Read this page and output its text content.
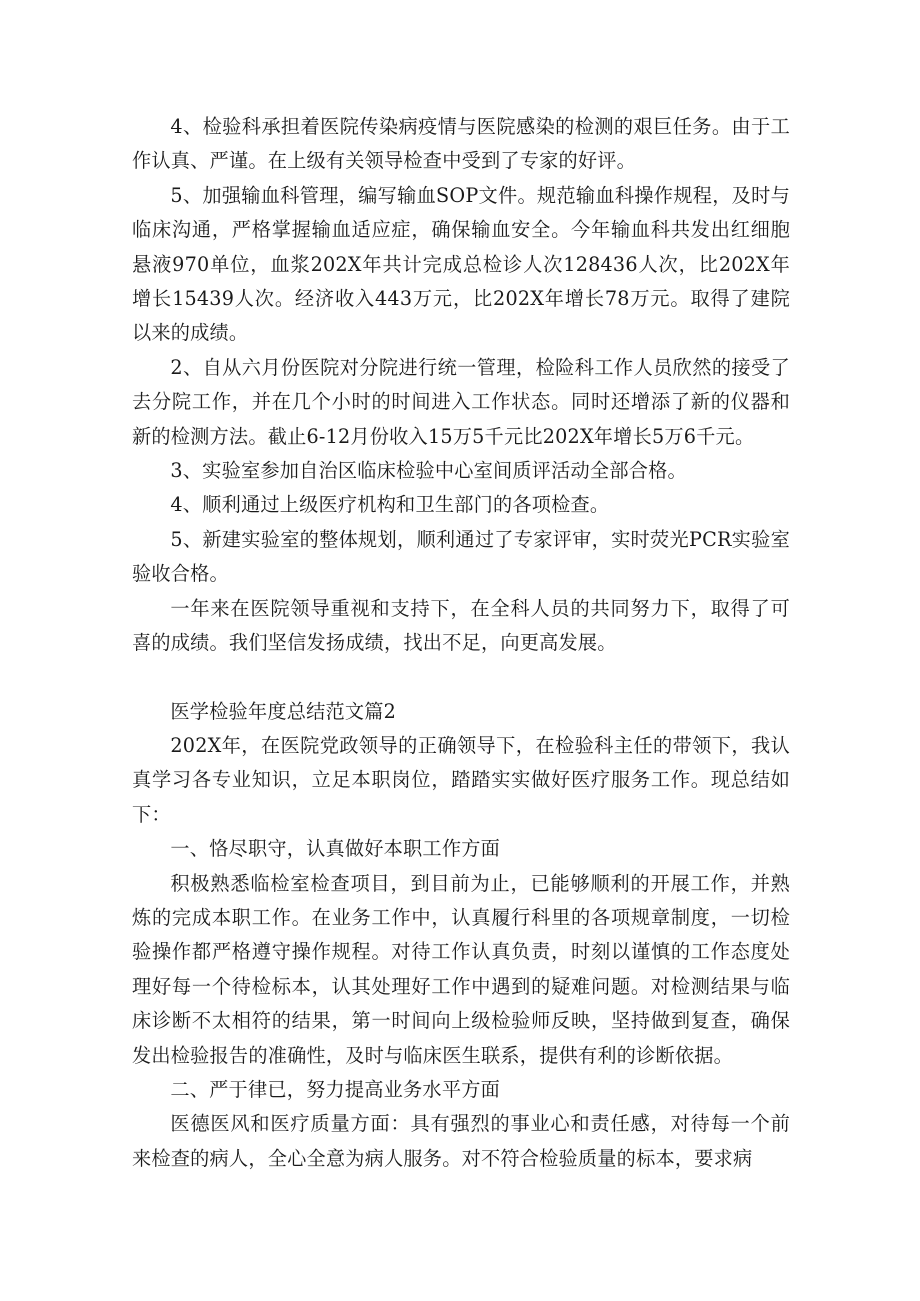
4、检验科承担着医院传染病疫情与医院感染的检测的艰巨任务。由于工作认真、严谨。在上级有关领导检查中受到了专家的好评。

5、加强输血科管理，编写输血SOP文件。规范输血科操作规程，及时与临床沟通，严格掌握输血适应症，确保输血安全。今年输血科共发出红细胞悬液970单位，血浆202X年共计完成总检诊人次128436人次，比202X年增长15439人次。经济收入443万元，比202X年增长78万元。取得了建院以来的成绩。

2、自从六月份医院对分院进行统一管理，检险科工作人员欣然的接受了去分院工作，并在几个小时的时间进入工作状态。同时还增添了新的仪器和新的检测方法。截止6-12月份收入15万5千元比202X年增长5万6千元。

3、实验室参加自治区临床检验中心室间质评活动全部合格。

4、顺利通过上级医疗机构和卫生部门的各项检查。

5、新建实验室的整体规划，顺利通过了专家评审，实时荧光PCR实验室验收合格。

一年来在医院领导重视和支持下，在全科人员的共同努力下，取得了可喜的成绩。我们坚信发扬成绩，找出不足，向更高发展。

医学检验年度总结范文篇2

202X年，在医院党政领导的正确领导下，在检验科主任的带领下，我认真学习各专业知识，立足本职岗位，踏踏实实做好医疗服务工作。现总结如下：

一、恪尽职守，认真做好本职工作方面

积极熟悉临检室检查项目，到目前为止，已能够顺利的开展工作，并熟炼的完成本职工作。在业务工作中，认真履行科里的各项规章制度，一切检验操作都严格遵守操作规程。对待工作认真负责，时刻以谨慎的工作态度处理好每一个待检标本，认其处理好工作中遇到的疑难问题。对检测结果与临床诊断不太相符的结果，第一时间向上级检验师反映，坚持做到复查，确保发出检验报告的准确性，及时与临床医生联系，提供有利的诊断依据。

二、严于律已，努力提高业务水平方面

医德医风和医疗质量方面：具有强烈的事业心和责任感，对待每一个前来检查的病人，全心全意为病人服务。对不符合检验质量的标本，要求病
